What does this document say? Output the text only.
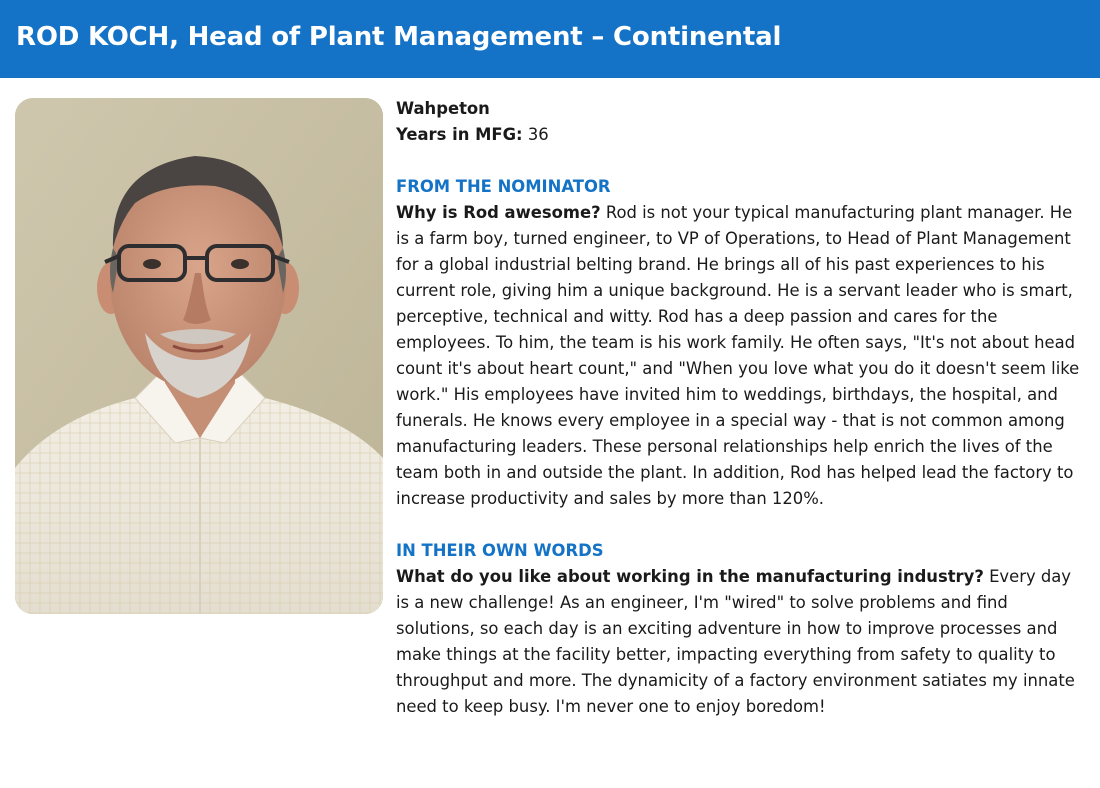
ROD KOCH, Head of Plant Management – Continental

Wahpeton

Years in MFG: 36

FROM THE NOMINATOR

Why is Rod awesome? Rod is not your typical manufacturing plant manager. He is a farm boy, turned engineer, to VP of Operations, to Head of Plant Management for a global industrial belting brand. He brings all of his past experiences to his current role, giving him a unique background. He is a servant leader who is smart, perceptive, technical and witty. Rod has a deep passion and cares for the employees. To him, the team is his work family. He often says, "It's not about head count it's about heart count," and "When you love what you do it doesn't seem like work." His employees have invited him to weddings, birthdays, the hospital, and funerals. He knows every employee in a special way - that is not common among manufacturing leaders. These personal relationships help enrich the lives of the team both in and outside the plant. In addition, Rod has helped lead the factory to increase productivity and sales by more than 120%.

IN THEIR OWN WORDS

What do you like about working in the manufacturing industry? Every day is a new challenge! As an engineer, I'm "wired" to solve problems and find solutions, so each day is an exciting adventure in how to improve processes and make things at the facility better, impacting everything from safety to quality to throughput and more. The dynamicity of a factory environment satiates my innate need to keep busy. I'm never one to enjoy boredom!
